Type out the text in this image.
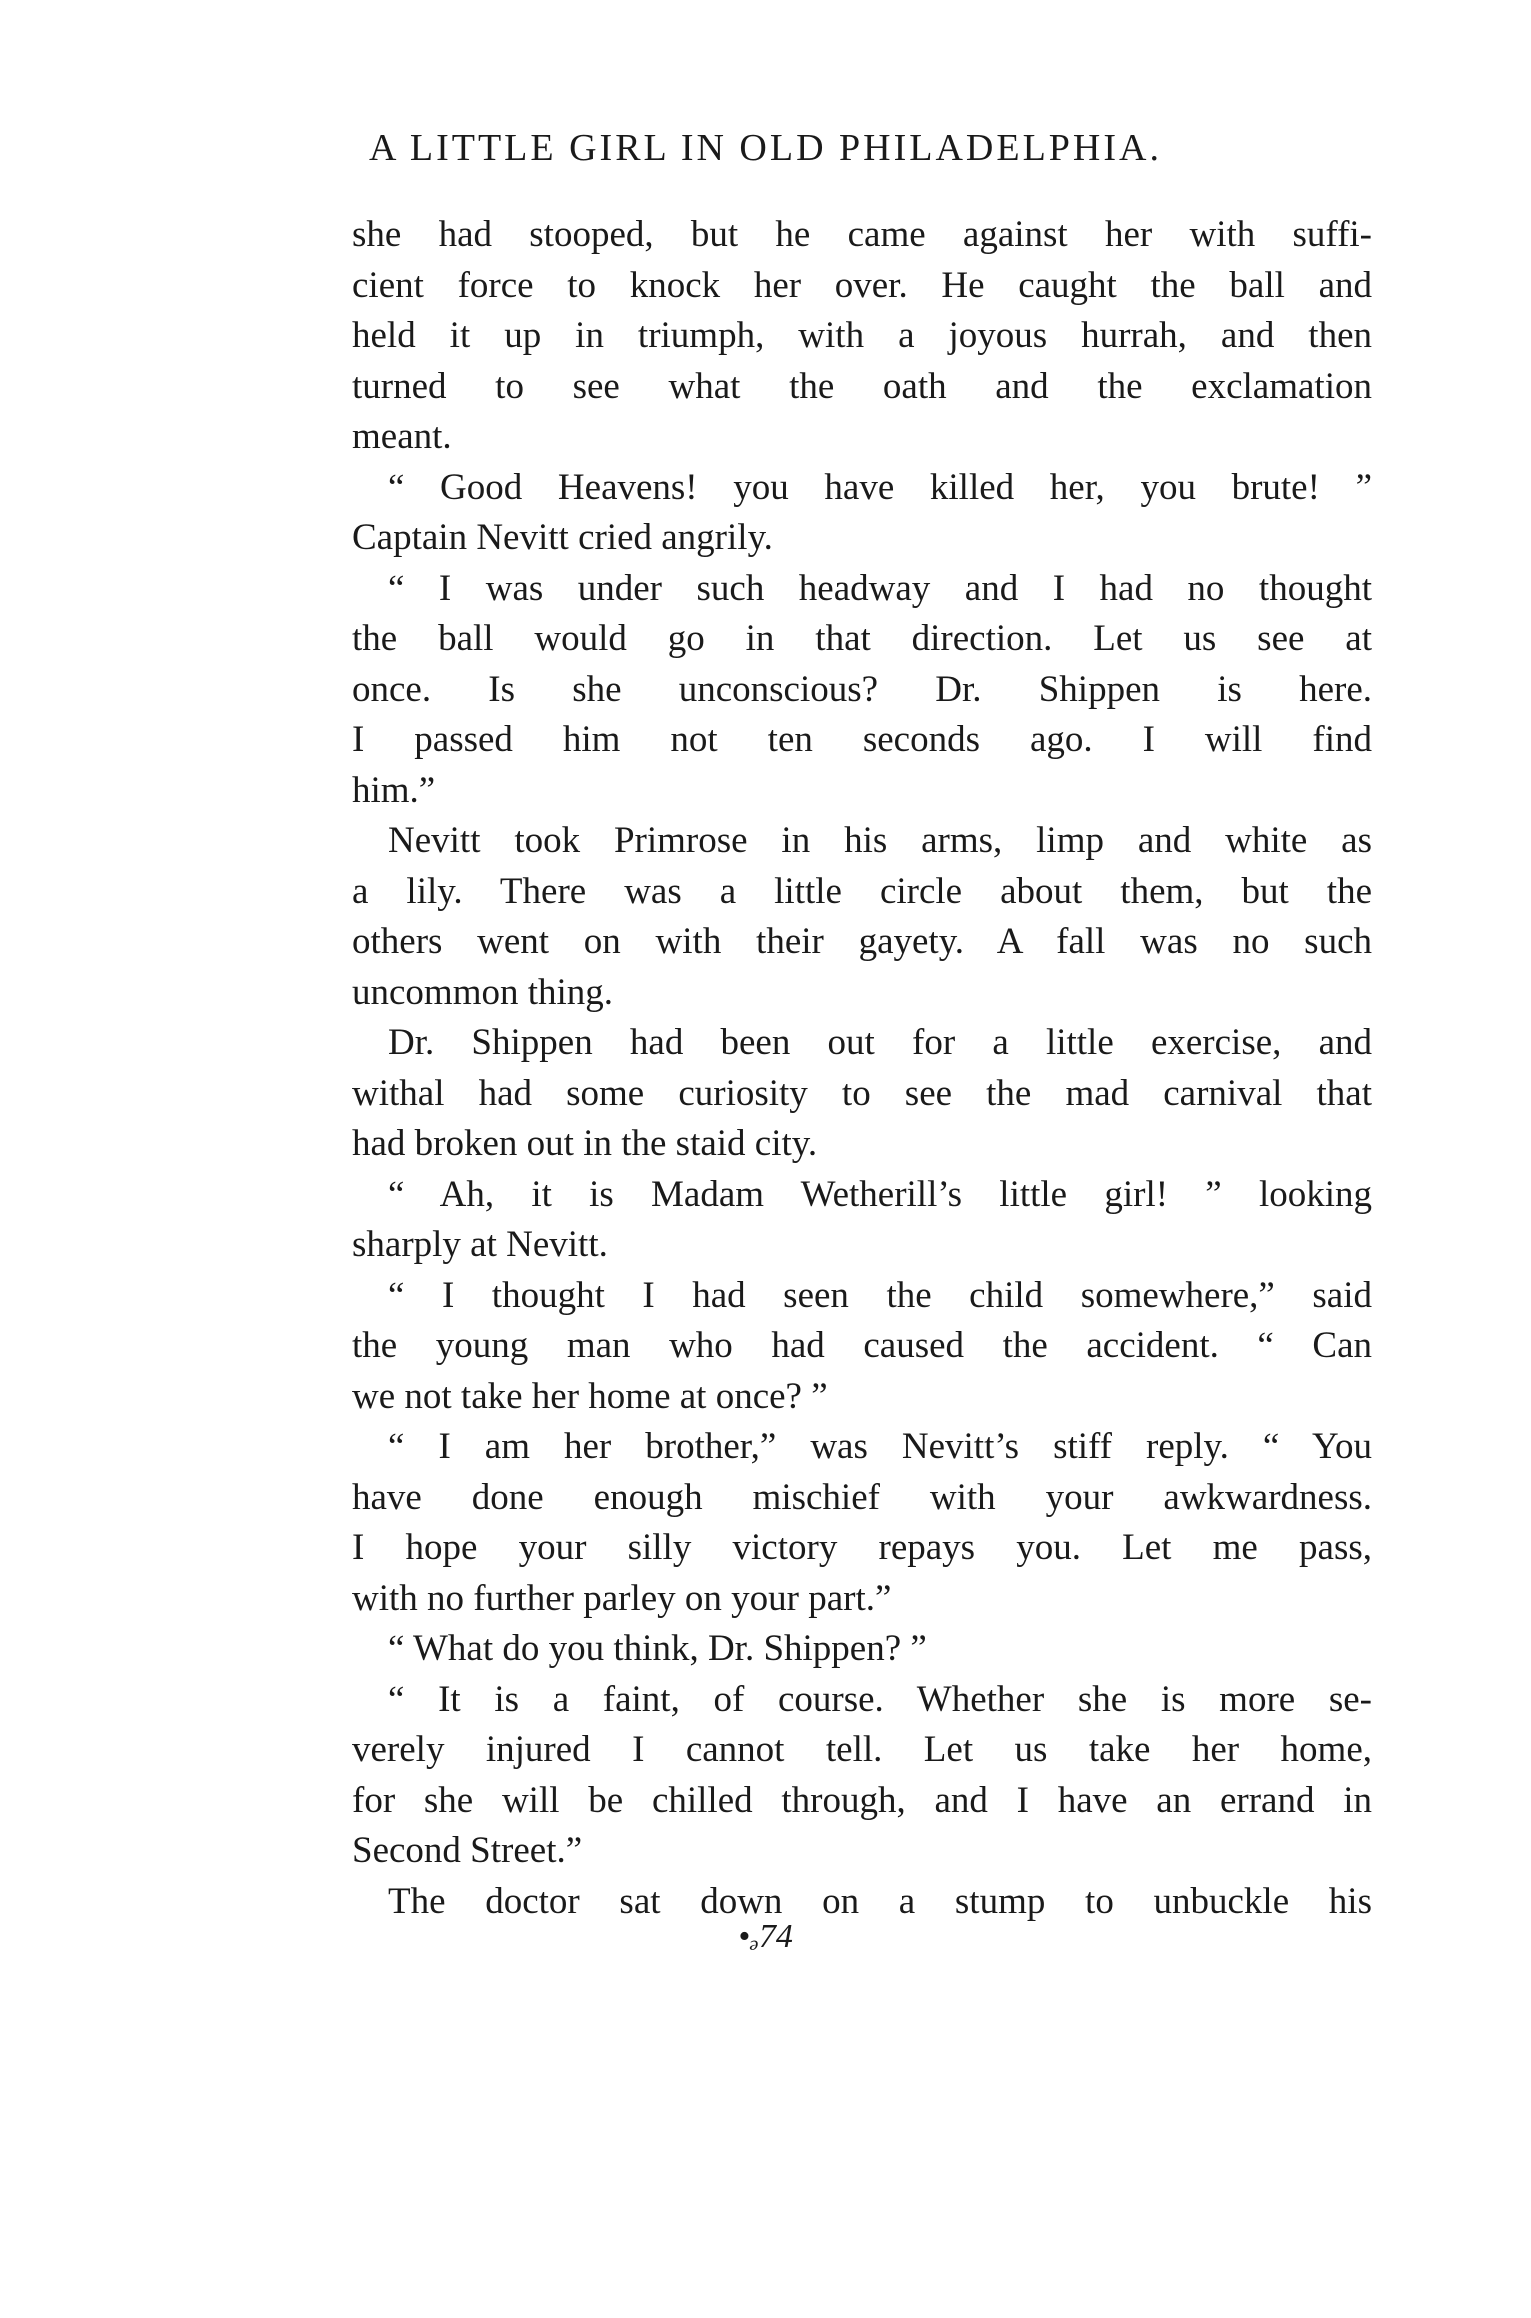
A LITTLE GIRL IN OLD PHILADELPHIA.
she had stooped, but he came against her with suffi-
cient force to knock her over. He caught the ball and
held it up in triumph, with a joyous hurrah, and then
turned to see what the oath and the exclamation
meant.
“ Good Heavens! you have killed her, you brute! ”
Captain Nevitt cried angrily.
“ I was under such headway and I had no thought
the ball would go in that direction. Let us see at
once. Is she unconscious? Dr. Shippen is here.
I passed him not ten seconds ago. I will find
him.”
Nevitt took Primrose in his arms, limp and white as
a lily. There was a little circle about them, but the
others went on with their gayety. A fall was no such
uncommon thing.
Dr. Shippen had been out for a little exercise, and
withal had some curiosity to see the mad carnival that
had broken out in the staid city.
“ Ah, it is Madam Wetherill’s little girl! ” looking
sharply at Nevitt.
“ I thought I had seen the child somewhere,” said
the young man who had caused the accident. “ Can
we not take her home at once? ”
“ I am her brother,” was Nevitt’s stiff reply. “ You
have done enough mischief with your awkwardness.
I hope your silly victory repays you. Let me pass,
with no further parley on your part.”
“ What do you think, Dr. Shippen? ”
“ It is a faint, of course. Whether she is more se-
verely injured I cannot tell. Let us take her home,
for she will be chilled through, and I have an errand in
Second Street.”
The doctor sat down on a stump to unbuckle his
•ₔ74
